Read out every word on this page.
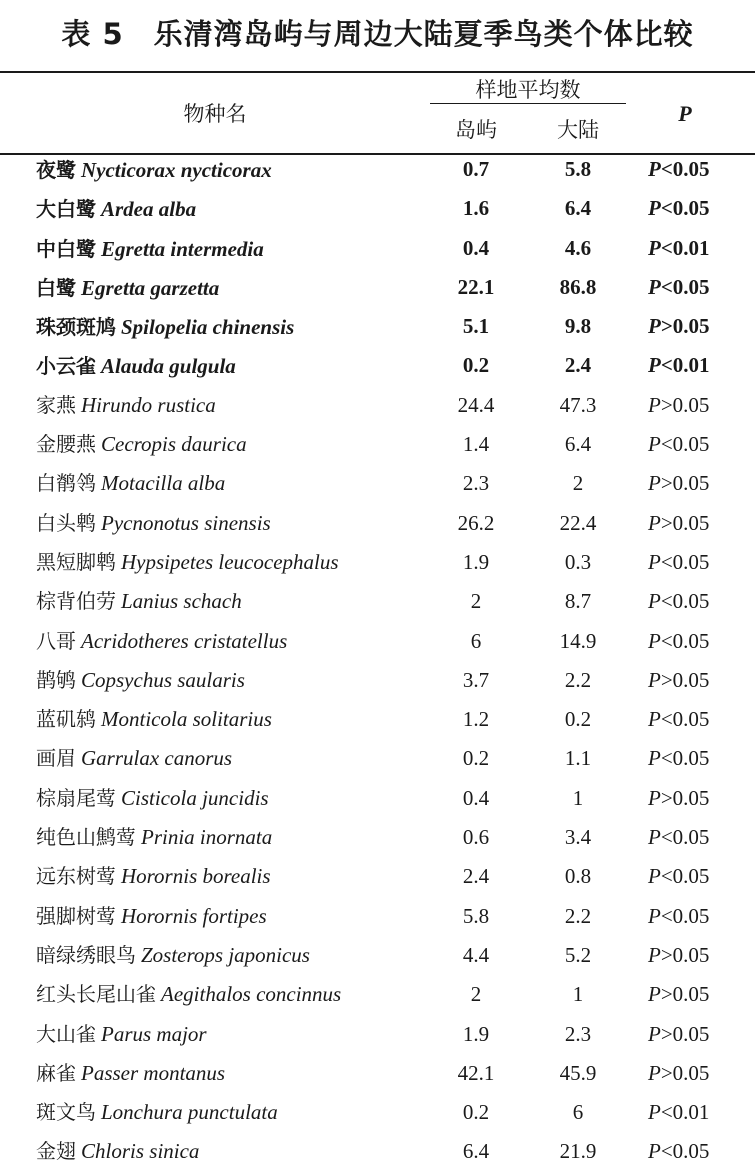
表 5　乐清湾岛屿与周边大陆夏季鸟类个体比较
物种名
样地平均数
岛屿	大陆
P
夜鹭 Nycticorax nycticorax	0.7	5.8	P<0.05
大白鹭 Ardea alba	1.6	6.4	P<0.05
中白鹭 Egretta intermedia	0.4	4.6	P<0.01
白鹭 Egretta garzetta	22.1	86.8	P<0.05
珠颈斑鸠 Spilopelia chinensis	5.1	9.8	P>0.05
小云雀 Alauda gulgula	0.2	2.4	P<0.01
家燕 Hirundo rustica	24.4	47.3	P>0.05
金腰燕 Cecropis daurica	1.4	6.4	P<0.05
白鹡鸰 Motacilla alba	2.3	2	P>0.05
白头鹎 Pycnonotus sinensis	26.2	22.4	P>0.05
黑短脚鹎 Hypsipetes leucocephalus	1.9	0.3	P<0.05
棕背伯劳 Lanius schach	2	8.7	P<0.05
八哥 Acridotheres cristatellus	6	14.9	P<0.05
鹊鸲 Copsychus saularis	3.7	2.2	P>0.05
蓝矶鸫 Monticola solitarius	1.2	0.2	P<0.05
画眉 Garrulax canorus	0.2	1.1	P<0.05
棕扇尾莺 Cisticola juncidis	0.4	1	P>0.05
纯色山鹪莺 Prinia inornata	0.6	3.4	P<0.05
远东树莺 Horornis borealis	2.4	0.8	P<0.05
强脚树莺 Horornis fortipes	5.8	2.2	P<0.05
暗绿绣眼鸟 Zosterops japonicus	4.4	5.2	P>0.05
红头长尾山雀 Aegithalos concinnus	2	1	P>0.05
大山雀 Parus major	1.9	2.3	P>0.05
麻雀 Passer montanus	42.1	45.9	P>0.05
斑文鸟 Lonchura punctulata	0.2	6	P<0.01
金翅 Chloris sinica	6.4	21.9	P<0.05
